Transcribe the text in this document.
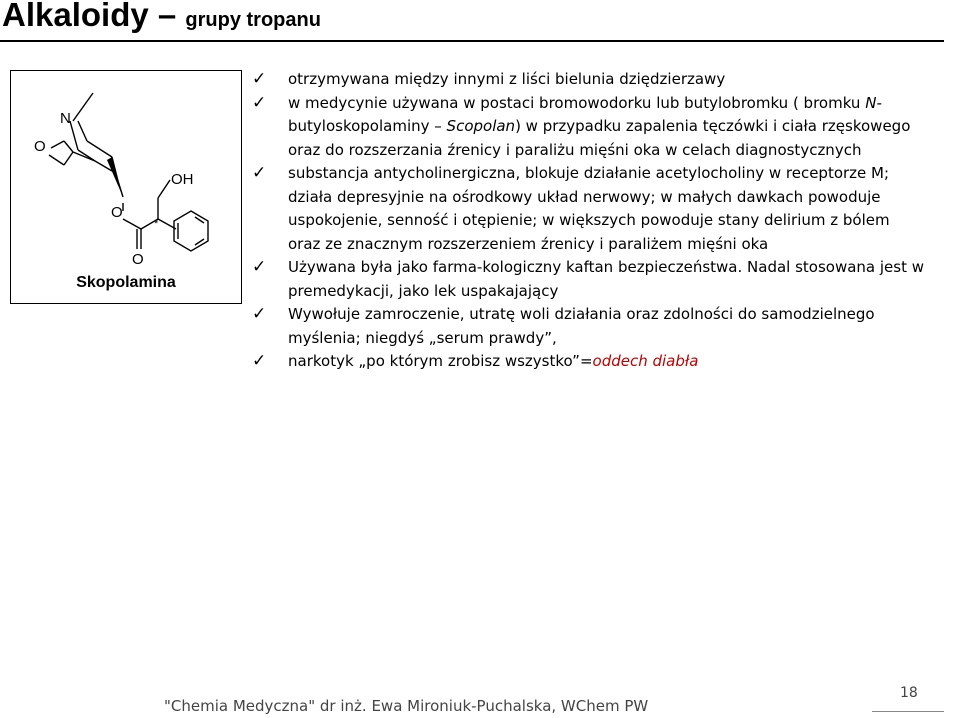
Alkaloidy – grupy tropanu
N
O
O
O
OH
*
Skopolamina
✓ otrzymywana między innymi z liści bielunia dziędzierzawy
✓ w medycynie używana w postaci bromowodorku lub butylobromku ( bromku N-
butyloskopolaminy – Scopolan) w przypadku zapalenia tęczówki i ciała rzęskowego
oraz do rozszerzania źrenicy i paraliżu mięśni oka w celach diagnostycznych
✓ substancja antycholinergiczna, blokuje działanie acetylocholiny w receptorze M;
działa depresyjnie na ośrodkowy układ nerwowy; w małych dawkach powoduje
uspokojenie, senność i otępienie; w większych powoduje stany delirium z bólem
oraz ze znacznym rozszerzeniem źrenicy i paraliżem mięśni oka
✓ Używana była jako farma-kologiczny kaftan bezpieczeństwa. Nadal stosowana jest w
premedykacji, jako lek uspakajający
✓ Wywołuje zamroczenie, utratę woli działania oraz zdolności do samodzielnego
myślenia; niegdyś „serum prawdy”,
✓ narkotyk „po którym zrobisz wszystko”=oddech diabła
"Chemia Medyczna" dr inż. Ewa Mironiuk-Puchalska, WChem PW
18
